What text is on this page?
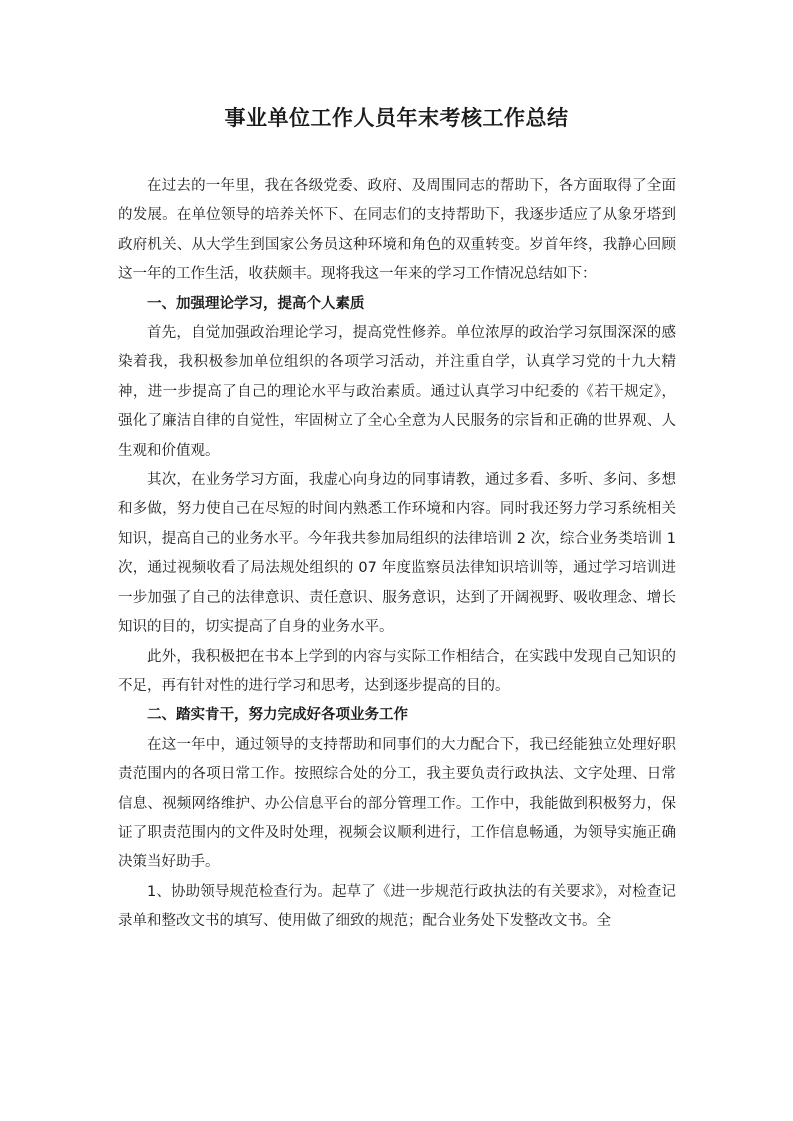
事业单位工作人员年末考核工作总结

在过去的一年里，我在各级党委、政府、及周围同志的帮助下，各方面取得了全面的发展。在单位领导的培养关怀下、在同志们的支持帮助下，我逐步适应了从象牙塔到政府机关、从大学生到国家公务员这种环境和角色的双重转变。岁首年终，我静心回顾这一年的工作生活，收获颇丰。现将我这一年来的学习工作情况总结如下：

一、加强理论学习，提高个人素质

首先，自觉加强政治理论学习，提高党性修养。单位浓厚的政治学习氛围深深的感染着我，我积极参加单位组织的各项学习活动，并注重自学，认真学习党的十九大精神，进一步提高了自己的理论水平与政治素质。通过认真学习中纪委的《若干规定》，强化了廉洁自律的自觉性，牢固树立了全心全意为人民服务的宗旨和正确的世界观、人生观和价值观。

其次，在业务学习方面，我虚心向身边的同事请教，通过多看、多听、多问、多想和多做，努力使自己在尽短的时间内熟悉工作环境和内容。同时我还努力学习系统相关知识，提高自己的业务水平。今年我共参加局组织的法律培训 2 次，综合业务类培训 1 次，通过视频收看了局法规处组织的 07 年度监察员法律知识培训等，通过学习培训进一步加强了自己的法律意识、责任意识、服务意识，达到了开阔视野、吸收理念、增长知识的目的，切实提高了自身的业务水平。

此外，我积极把在书本上学到的内容与实际工作相结合，在实践中发现自己知识的不足，再有针对性的进行学习和思考，达到逐步提高的目的。

二、踏实肯干，努力完成好各项业务工作

在这一年中，通过领导的支持帮助和同事们的大力配合下，我已经能独立处理好职责范围内的各项日常工作。按照综合处的分工，我主要负责行政执法、文字处理、日常信息、视频网络维护、办公信息平台的部分管理工作。工作中，我能做到积极努力，保证了职责范围内的文件及时处理，视频会议顺利进行，工作信息畅通，为领导实施正确决策当好助手。

1、协助领导规范检查行为。起草了《进一步规范行政执法的有关要求》，对检查记录单和整改文书的填写、使用做了细致的规范；配合业务处下发整改文书。全
